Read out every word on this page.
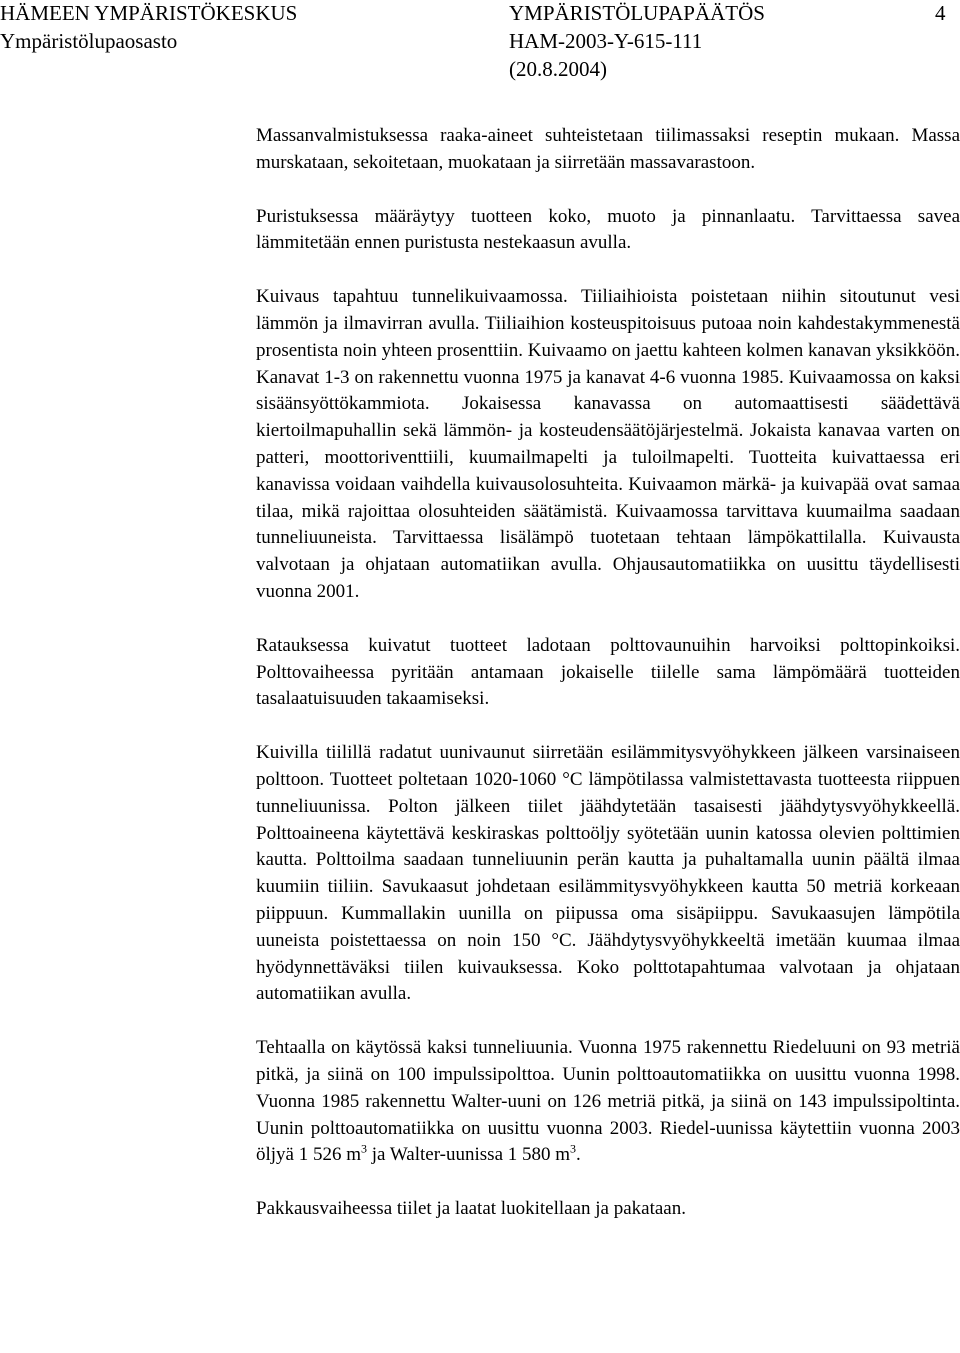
HÄMEEN YMPÄRISTÖKESKUS
Ympäristölupaosasto
YMPÄRISTÖLUPAPÄÄTÖS
HAM-2003-Y-615-111
(20.8.2004)
4

Massanvalmistuksessa raaka-aineet suhteistetaan tiilimassaksi reseptin mukaan. Massa murskataan, sekoitetaan, muokataan ja siirretään massavarastoon.

Puristuksessa määräytyy tuotteen koko, muoto ja pinnanlaatu. Tarvittaessa savea lämmitetään ennen puristusta nestekaasun avulla.

Kuivaus tapahtuu tunnelikuivaamossa. Tiiliaihioista poistetaan niihin sitoutunut vesi lämmön ja ilmavirran avulla. Tiiliaihion kosteuspitoisuus putoaa noin kahdestakymmenestä prosentista noin yhteen prosenttiin. Kuivaamo on jaettu kahteen kolmen kanavan yksikköön. Kanavat 1-3 on rakennettu vuonna 1975 ja kanavat 4-6 vuonna 1985. Kuivaamossa on kaksi sisäänsyöttökammiota. Jokaisessa kanavassa on automaattisesti säädettävä kiertoilmapuhallin sekä lämmön- ja kosteudensäätöjärjestelmä. Jokaista kanavaa varten on patteri, moottoriventtiili, kuumailmapelti ja tuloilmapelti. Tuotteita kuivattaessa eri kanavissa voidaan vaihdella kuivausolosuhteita. Kuivaamon märkä- ja kuivapää ovat samaa tilaa, mikä rajoittaa olosuhteiden säätämistä. Kuivaamossa tarvittava kuumailma saadaan tunneliuuneista. Tarvittaessa lisälämpö tuotetaan tehtaan lämpökattilalla. Kuivausta valvotaan ja ohjataan automatiikan avulla. Ohjausautomatiikka on uusittu täydellisesti vuonna 2001.

Ratauksessa kuivatut tuotteet ladotaan polttovaunuihin harvoiksi polttopinkoiksi. Polttovaiheessa pyritään antamaan jokaiselle tiilelle sama lämpömäärä tuotteiden tasalaatuisuuden takaamiseksi.

Kuivilla tiilillä radatut uunivaunut siirretään esilämmitysvyöhykkeen jälkeen varsinaiseen polttoon. Tuotteet poltetaan 1020-1060 °C lämpötilassa valmistettavasta tuotteesta riippuen tunneliuunissa. Polton jälkeen tiilet jäähdytetään tasaisesti jäähdytysvyöhykkeellä. Polttoaineena käytettävä keskiraskas polttoöljy syötetään uunin katossa olevien polttimien kautta. Polttoilma saadaan tunneliuunin perän kautta ja puhaltamalla uunin päältä ilmaa kuumiin tiiliin. Savukaasut johdetaan esilämmitysvyöhykkeen kautta 50 metriä korkeaan piippuun. Kummallakin uunilla on piipussa oma sisäpiippu. Savukaasujen lämpötila uuneista poistettaessa on noin 150 °C. Jäähdytysvyöhykkeeltä imetään kuumaa ilmaa hyödynnettäväksi tiilen kuivauksessa. Koko polttotapahtumaa valvotaan ja ohjataan automatiikan avulla.

Tehtaalla on käytössä kaksi tunneliuunia. Vuonna 1975 rakennettu Riedeluuni on 93 metriä pitkä, ja siinä on 100 impulssipolttoa. Uunin polttoautomatiikka on uusittu vuonna 1998. Vuonna 1985 rakennettu Walter-uuni on 126 metriä pitkä, ja siinä on 143 impulssipoltinta. Uunin polttoautomatiikka on uusittu vuonna 2003. Riedel-uunissa käytettiin vuonna 2003 öljyä 1 526 $m^3$ ja Walter-uunissa 1 580 $m^3$.

Pakkausvaiheessa tiilet ja laatat luokitellaan ja pakataan.
